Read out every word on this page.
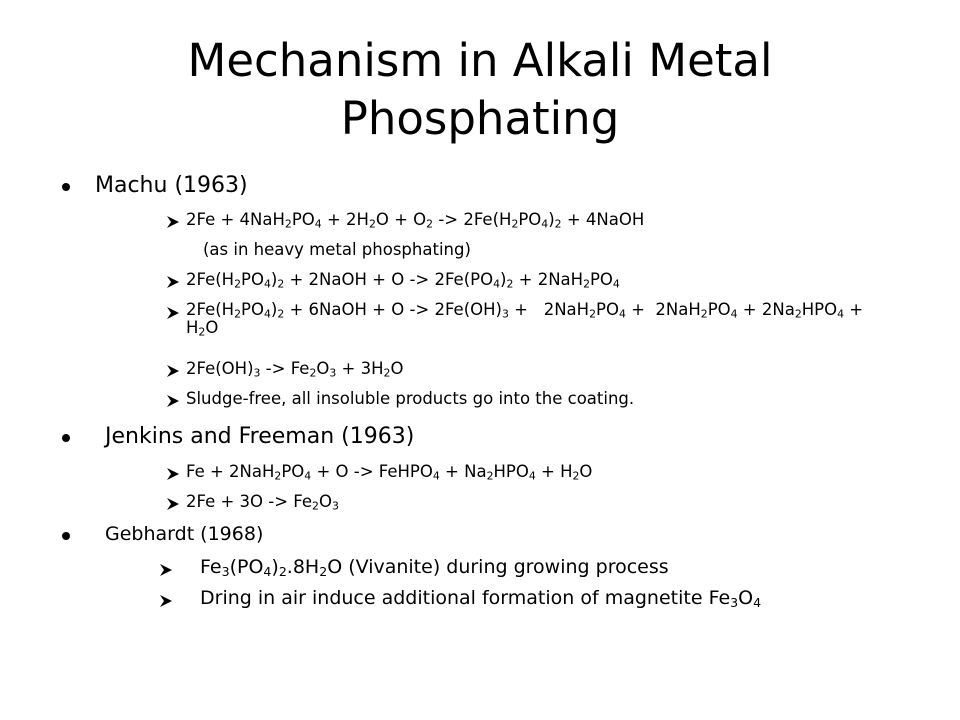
Mechanism in Alkali Metal
Phosphating
Machu (1963)
$2Fe + 4NaH_2PO_4 + 2H_2O + O_2 -> 2Fe(H_2PO_4)_2$ + 4NaOH
(as in heavy metal phosphating)
$2Fe(H_2PO_4)_2$ + 2NaOH + $O -> 2Fe(PO_4)_2 + 2NaH_2PO_4$
$2Fe(H_2PO_4)_2$ + 6NaOH + $O -> 2Fe(OH)_3 + 2NaH_2PO_4 + 2NaH_2PO_4 + 2Na_2HPO_4 + H_2O$
$2Fe(OH)_3 -> Fe_2O_3 + 3H_2O$
Sludge-free, all insoluble products go into the coating.
Jenkins and Freeman (1963)
$Fe + 2NaH_2PO_4 + O$ -> FeHPO$_4$ + $Na_2HPO_4 + H_2O$
$2Fe + 3O -> Fe_2O_3$
Gebhardt (1968)
$Fe_3(PO_4)_2.8H_2O$ (Vivanite) during growing process
Dring in air induce additional formation of magnetite $Fe_3O_4$
